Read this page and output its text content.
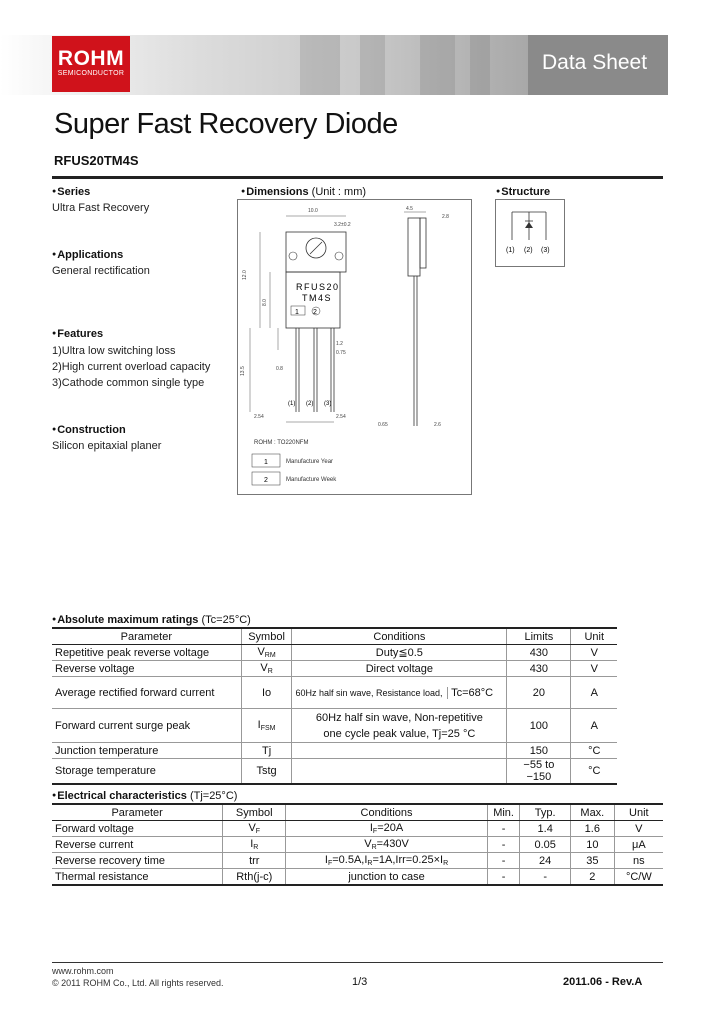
Data Sheet
ROHM
SEMICONDUCTOR
Super Fast Recovery Diode
RFUS20TM4S
● Series
Ultra Fast Recovery
● Applications
General rectification
● Features
1)Ultra low switching loss
2)High current overload capacity
3)Cathode common single type
● Construction
Silicon epitaxial planer
● Dimensions (Unit : mm)
RFUS20
TM4S
1 2
10.0
3.2±0.2
4.5
2.8
12.0
8.0
13.5
2.54	2.54
0.65	2.6
0.8
1.2
0.75
(1) (2) (3)
ROHM : TO220NFM
1	Manufacture Year
2	Manufacture Week
● Structure
(1) (2) (3)
● Absolute maximum ratings (Tc=25°C)
Parameter	Symbol	Conditions	Limits	Unit
Repetitive peak reverse voltage	$V_{RM}$	Duty≦0.5	430	V
Reverse voltage	$V_R$	Direct voltage	430	V
Average rectified forward current	Io	60Hz half sin wave, Resistance load, Tc=68°C	20	A
Forward current surge peak	$I_{FSM}$	60Hz half sin wave, Non-repetitive
one cycle peak value, Tj=25 °C	100	A
Junction temperature	Tj		150	°C
Storage temperature	Tstg		−55 to −150	°C
● Electrical characteristics (Tj=25°C)
Parameter	Symbol	Conditions	Min.	Typ.	Max.	Unit
Forward voltage	$V_F$	$I_F=20A$	-	1.4	1.6	V
Reverse current	$I_R$	$V_R=430V$	-	0.05	10	μA
Reverse recovery time	trr	$I_F=0.5A,I_R=1A,Irr=0.25\times I_R$	-	24	35	ns
Thermal resistance	Rth(j-c)	junction to case	-	-	2	°C/W
www.rohm.com
© 2011 ROHM Co., Ltd. All rights reserved.	1/3	2011.06 - Rev.A
